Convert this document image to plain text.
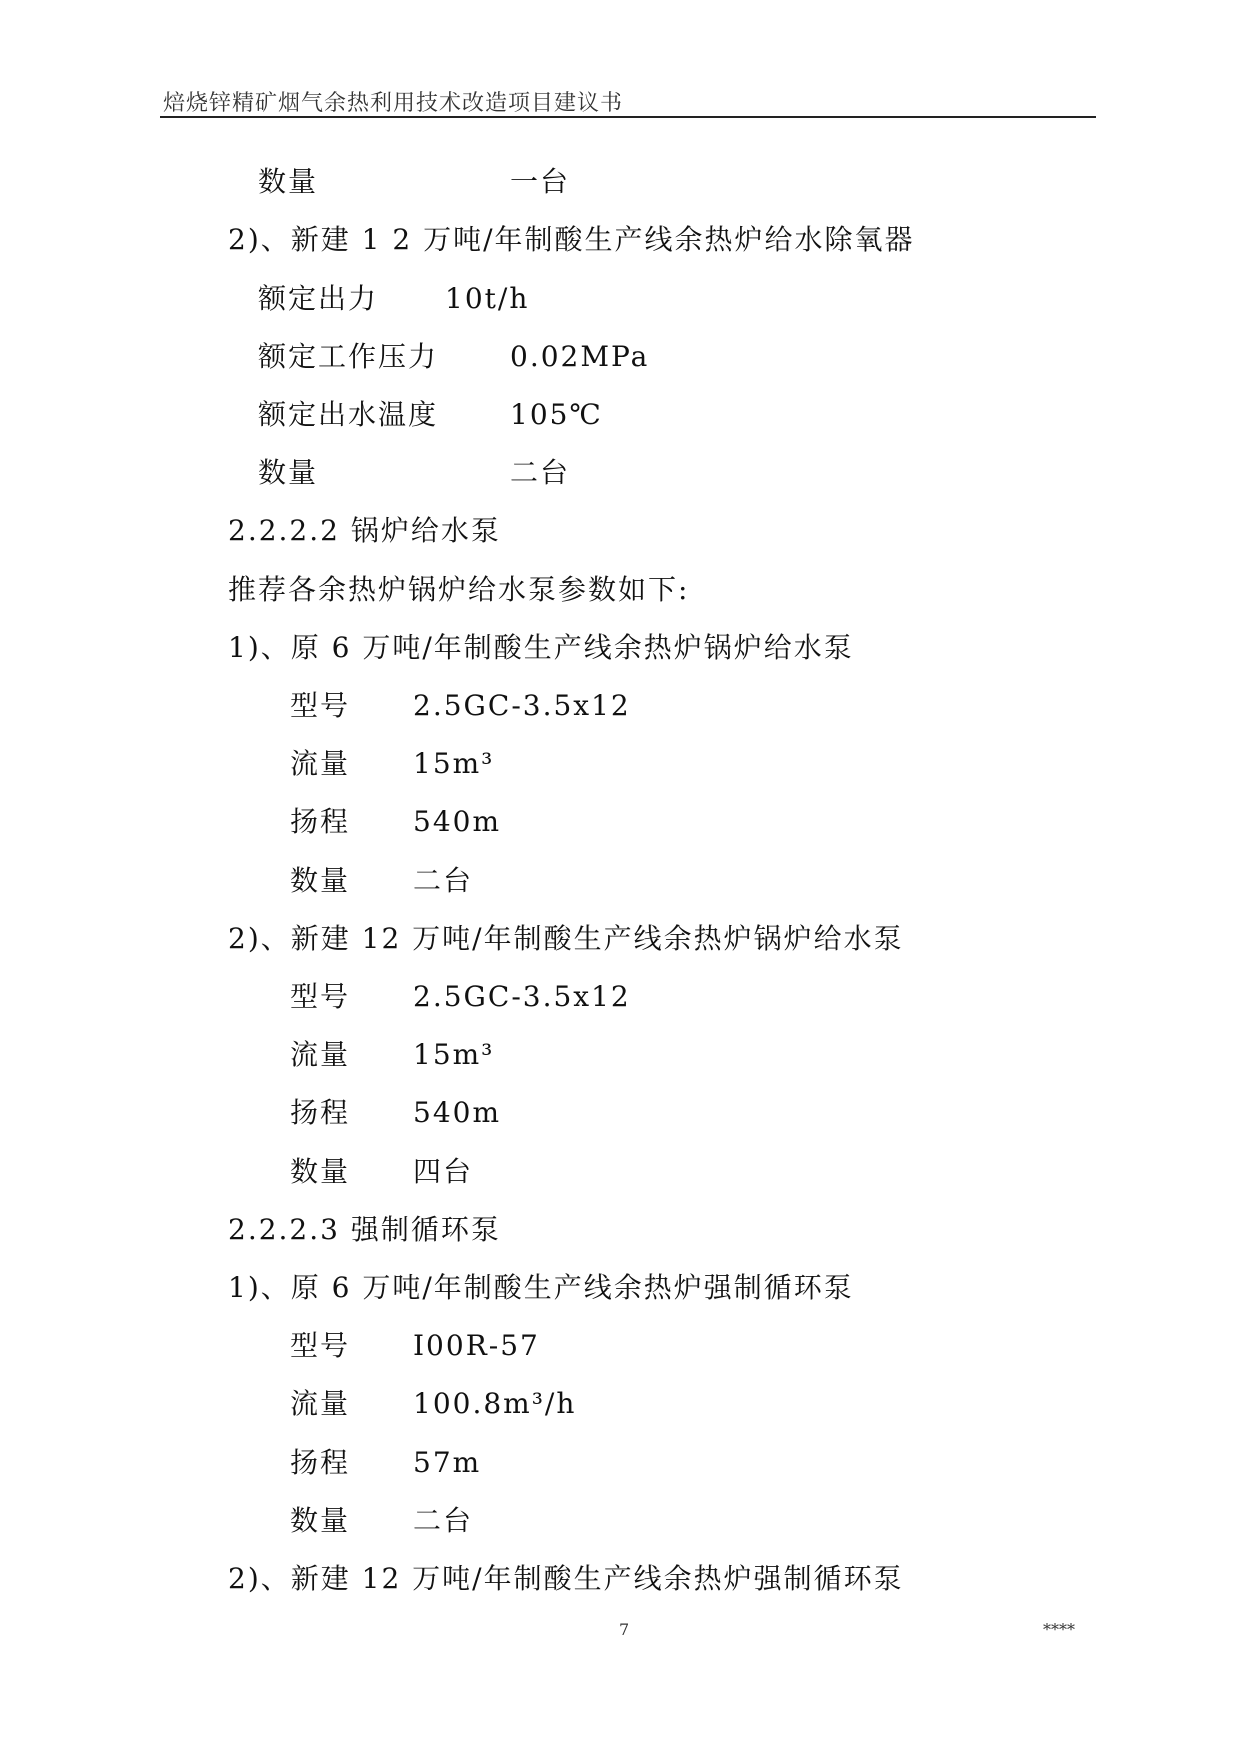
焙烧锌精矿烟气余热利用技术改造项目建议书
数量	一台
2)、新建 1 2 万吨/年制酸生产线余热炉给水除氧器
额定出力 10t/h
额定工作压力	0.02MPa
额定出水温度	105℃
数量	二台
2.2.2.2 锅炉给水泵
推荐各余热炉锅炉给水泵参数如下:
1)、原 6 万吨/年制酸生产线余热炉锅炉给水泵
型号 2.5GC-3.5x12
流量 15m³
扬程 540m
数量 二台
2)、新建 12 万吨/年制酸生产线余热炉锅炉给水泵
型号 2.5GC-3.5x12
流量 15m³
扬程 540m
数量 四台
2.2.2.3 强制循环泵
1)、原 6 万吨/年制酸生产线余热炉强制循环泵
型号 I00R-57
流量 100.8m³/h
扬程 57m
数量 二台
2)、新建 12 万吨/年制酸生产线余热炉强制循环泵
7	****
